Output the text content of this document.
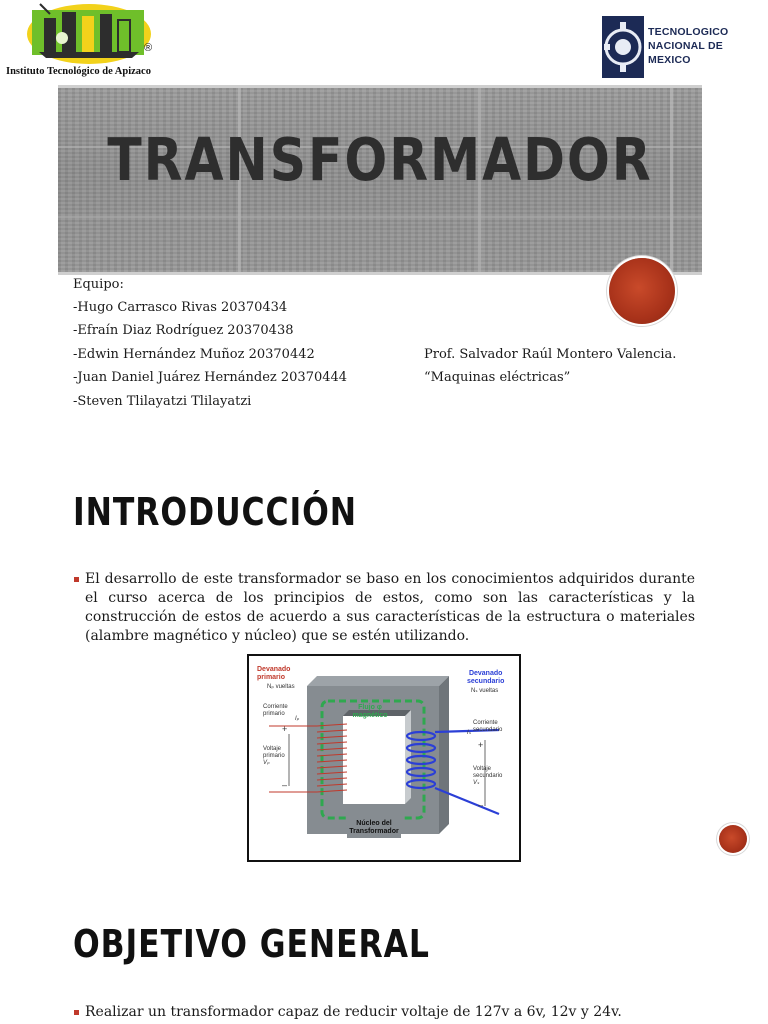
®
Instituto Tecnológico de Apizaco
TECNOLOGICO
NACIONAL DE MEXICO
TRANSFORMADOR
Equipo:
-Hugo Carrasco Rivas 20370434
-Efraín Diaz Rodríguez 20370438
-Edwin Hernández Muñoz 20370442
-Juan Daniel Juárez Hernández 20370444
-Steven Tlilayatzi Tlilayatzi
Prof. Salvador Raúl Montero Valencia.
“Maquinas eléctricas”
INTRODUCCIÓN
El desarrollo de este transformador se baso en los conocimientos adquiridos durante el curso acerca de los principios de estos, como son las características y la construcción de estos de acuerdo a sus características de la estructura o materiales (alambre magnético y núcleo) que se estén utilizando.
Devanado
primario
Nₚ vueltas
Devanado
secundario
Nₛ vueltas
Corriente
primario
Iₚ
+
Voltaje
primario
Vₚ
–
Corriente
secundario
Iₛ
+
Voltaje
secundario
Vₛ
–
Flujo φ
magnético
Núcleo del
Transformador
OBJETIVO GENERAL
Realizar un transformador capaz de reducir voltaje de 127v a 6v, 12v y 24v.
